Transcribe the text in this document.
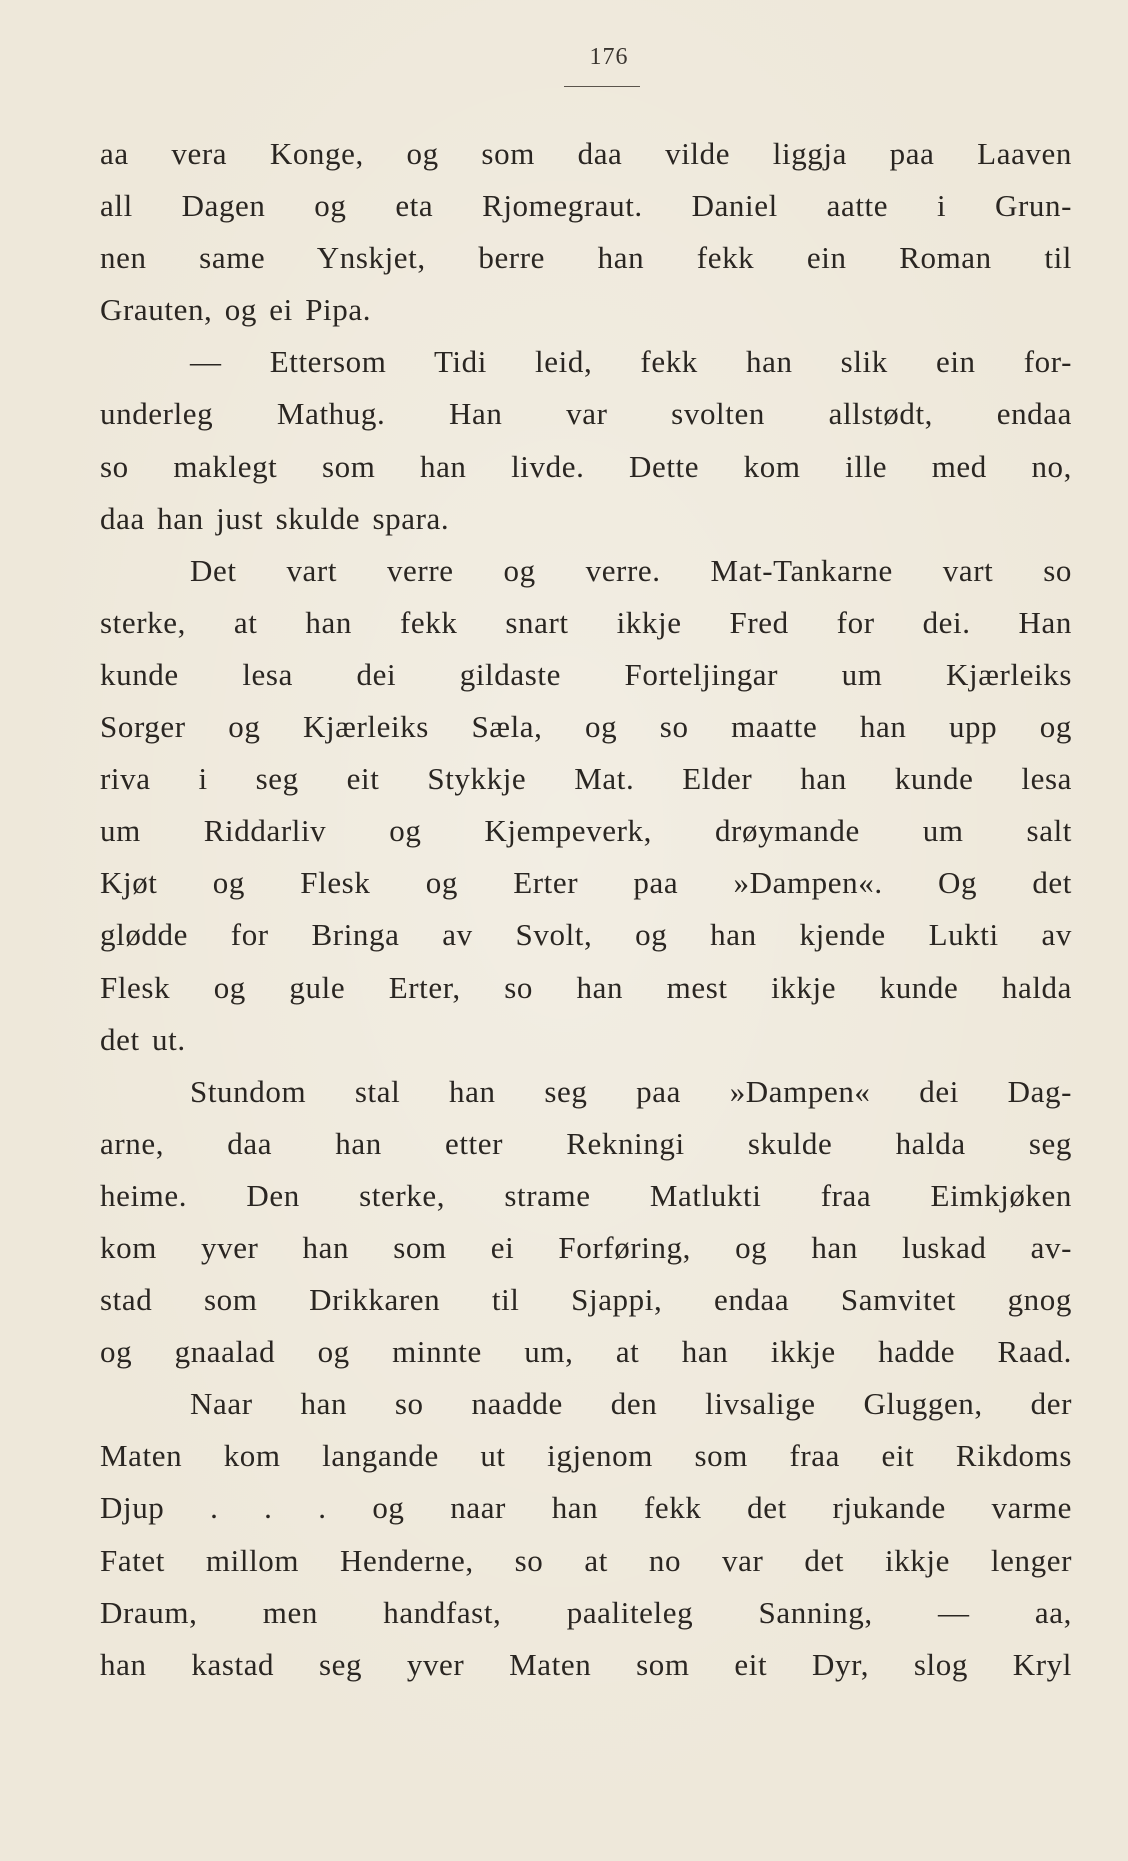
176
aa vera Konge, og som daa vilde liggja paa Laaven
all Dagen og eta Rjomegraut. Daniel aatte i Grun-
nen same Ynskjet, berre han fekk ein Roman til
Grauten, og ei Pipa.
— Ettersom Tidi leid, fekk han slik ein for-
underleg Mathug. Han var svolten allstødt, endaa
so maklegt som han livde. Dette kom ille med no,
daa han just skulde spara.
Det vart verre og verre. Mat-Tankarne vart so
sterke, at han fekk snart ikkje Fred for dei. Han
kunde lesa dei gildaste Forteljingar um Kjærleiks
Sorger og Kjærleiks Sæla, og so maatte han upp og
riva i seg eit Stykkje Mat. Elder han kunde lesa
um Riddarliv og Kjempeverk, drøymande um salt
Kjøt og Flesk og Erter paa »Dampen«. Og det
glødde for Bringa av Svolt, og han kjende Lukti av
Flesk og gule Erter, so han mest ikkje kunde halda
det ut.
Stundom stal han seg paa »Dampen« dei Dag-
arne, daa han etter Rekningi skulde halda seg
heime. Den sterke, strame Matlukti fraa Eimkjøken
kom yver han som ei Forføring, og han luskad av-
stad som Drikkaren til Sjappi, endaa Samvitet gnog
og gnaalad og minnte um, at han ikkje hadde Raad.
Naar han so naadde den livsalige Gluggen, der
Maten kom langande ut igjenom som fraa eit Rikdoms
Djup . . . og naar han fekk det rjukande varme
Fatet millom Henderne, so at no var det ikkje lenger
Draum, men handfast, paaliteleg Sanning, — aa,
han kastad seg yver Maten som eit Dyr, slog Kryl
